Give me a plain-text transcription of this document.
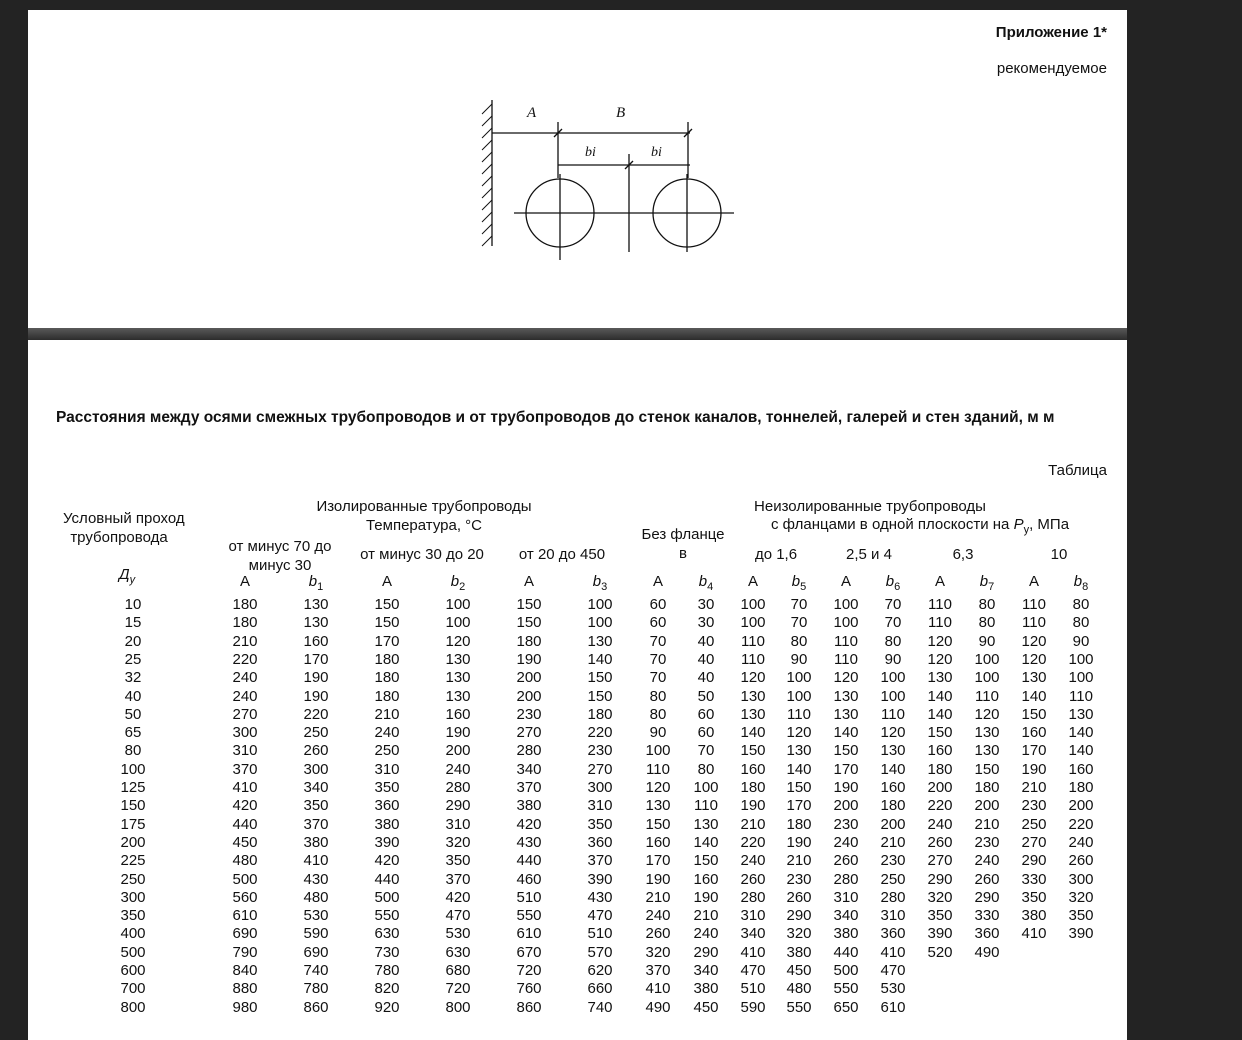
Приложение 1*
рекомендуемое
A	B
bi	bi
Расстояния между осями смежных трубопроводов и от трубопроводов до стенок каналов, тоннелей, галерей и стен зданий, м м
Таблица
Условный проход
трубопровода
$Д_у$
Изолированные трубопроводы
Температура, °С
от минус 70 до
минус 30
от минус 30 до 20	от 20 до 450
Без фланце
в
Неизолированные трубопроводы
с фланцами в одной плоскости на $P_у$, МПа
до 1,6	2,5 и 4	6,3	10
A	$b_1$	A	$b_2$	A	$b_3$	A	$b_4$	A	$b_5$	A	$b_6$	A	$b_7$	A	$b_8$
10	180	130	150	100	150	100	60	30	100	70	100	70	110	80	110	80
15	180	130	150	100	150	100	60	30	100	70	100	70	110	80	110	80
20	210	160	170	120	180	130	70	40	110	80	110	80	120	90	120	90
25	220	170	180	130	190	140	70	40	110	90	110	90	120	100	120	100
32	240	190	180	130	200	150	70	40	120	100	120	100	130	100	130	100
40	240	190	180	130	200	150	80	50	130	100	130	100	140	110	140	110
50	270	220	210	160	230	180	80	60	130	110	130	110	140	120	150	130
65	300	250	240	190	270	220	90	60	140	120	140	120	150	130	160	140
80	310	260	250	200	280	230	100	70	150	130	150	130	160	130	170	140
100	370	300	310	240	340	270	110	80	160	140	170	140	180	150	190	160
125	410	340	350	280	370	300	120	100	180	150	190	160	200	180	210	180
150	420	350	360	290	380	310	130	110	190	170	200	180	220	200	230	200
175	440	370	380	310	420	350	150	130	210	180	230	200	240	210	250	220
200	450	380	390	320	430	360	160	140	220	190	240	210	260	230	270	240
225	480	410	420	350	440	370	170	150	240	210	260	230	270	240	290	260
250	500	430	440	370	460	390	190	160	260	230	280	250	290	260	330	300
300	560	480	500	420	510	430	210	190	280	260	310	280	320	290	350	320
350	610	530	550	470	550	470	240	210	310	290	340	310	350	330	380	350
400	690	590	630	530	610	510	260	240	340	320	380	360	390	360	410	390
500	790	690	730	630	670	570	320	290	410	380	440	410	520	490
600	840	740	780	680	720	620	370	340	470	450	500	470
700	880	780	820	720	760	660	410	380	510	480	550	530
800	980	860	920	800	860	740	490	450	590	550	650	610
